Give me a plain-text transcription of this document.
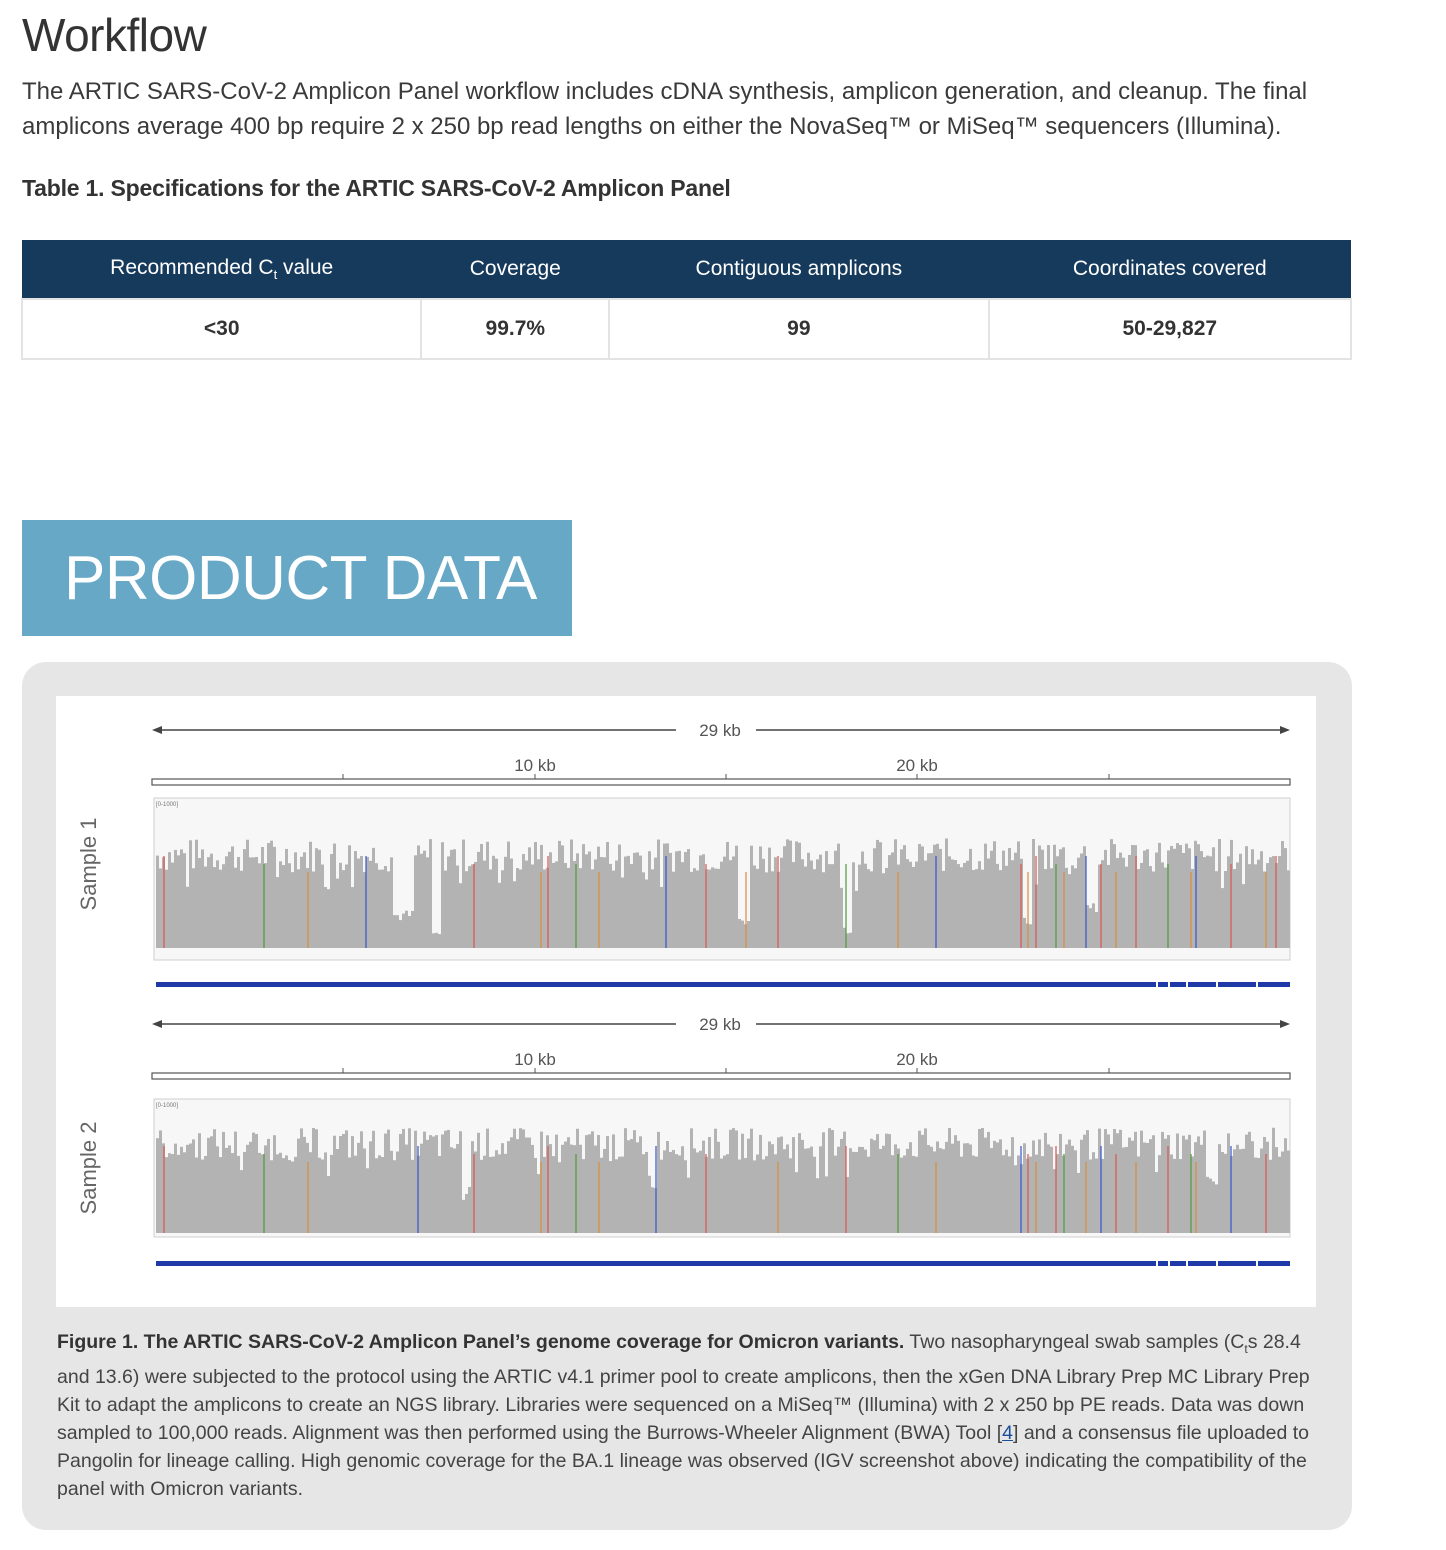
Workflow

The ARTIC SARS-CoV-2 Amplicon Panel workflow includes cDNA synthesis, amplicon generation, and cleanup. The final amplicons average 400 bp require 2 x 250 bp read lengths on either the NovaSeq™ or MiSeq™ sequencers (Illumina).

Table 1. Specifications for the ARTIC SARS-CoV-2 Amplicon Panel
Recommended $C_t$ value	Coverage	Contiguous amplicons	Coordinates covered
<30	99.7%	99	50-29,827
PRODUCT DATA
29 kb
10 kb	20 kb
[0-1000]
29 kb
10 kb	20 kb
[0-1000]
Sample 1
Sample 2

Figure 1. The ARTIC SARS-CoV-2 Amplicon Panel’s genome coverage for Omicron variants. Two nasopharyngeal swab samples ($C_ts$ 28.4 and 13.6) were subjected to the protocol using the ARTIC v4.1 primer pool to create amplicons, then the xGen DNA Library Prep MC Library Prep Kit to adapt the amplicons to create an NGS library. Libraries were sequenced on a MiSeq™ (Illumina) with 2 x 250 bp PE reads. Data was down sampled to 100,000 reads. Alignment was then performed using the Burrows-Wheeler Alignment (BWA) Tool [4] and a consensus file uploaded to Pangolin for lineage calling. High genomic coverage for the BA.1 lineage was observed (IGV screenshot above) indicating the compatibility of the panel with Omicron variants.
